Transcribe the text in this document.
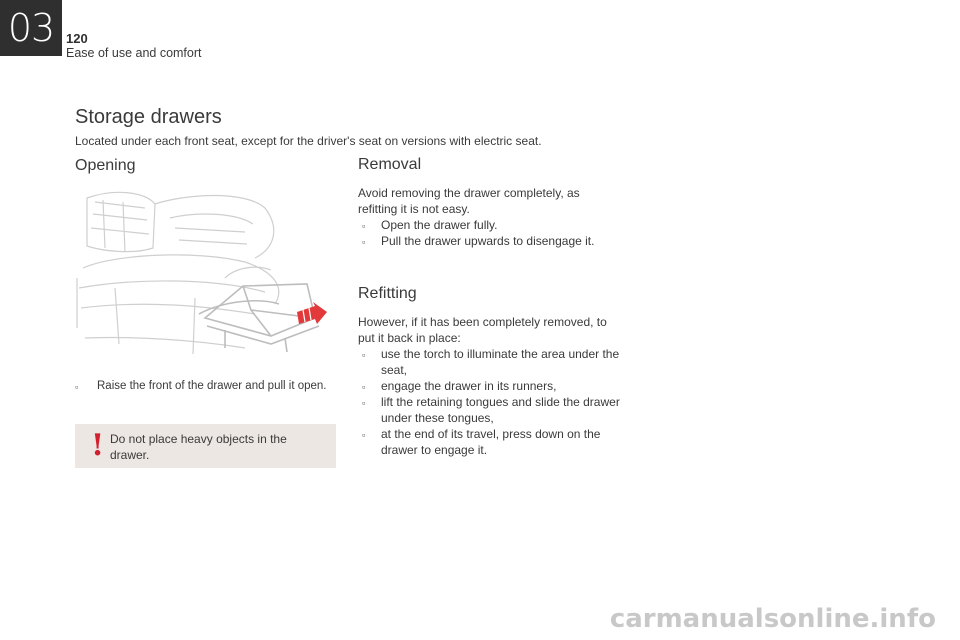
03 120
Ease of use and comfort
Storage drawers

Located under each front seat, except for the driver's seat on versions with electric seat.

Opening
▫ Raise the front of the drawer and pull it open.
! Do not place heavy objects in the drawer.
Removal

Avoid removing the drawer completely, as refitting it is not easy.

▫ Open the drawer fully.
▫ Pull the drawer upwards to disengage it.
Refitting

However, if it has been completely removed, to put it back in place:

▫ use the torch to illuminate the area under the seat,
▫ engage the drawer in its runners,
▫ lift the retaining tongues and slide the drawer under these tongues,
▫ at the end of its travel, press down on the drawer to engage it.
carmanualsonline.info
